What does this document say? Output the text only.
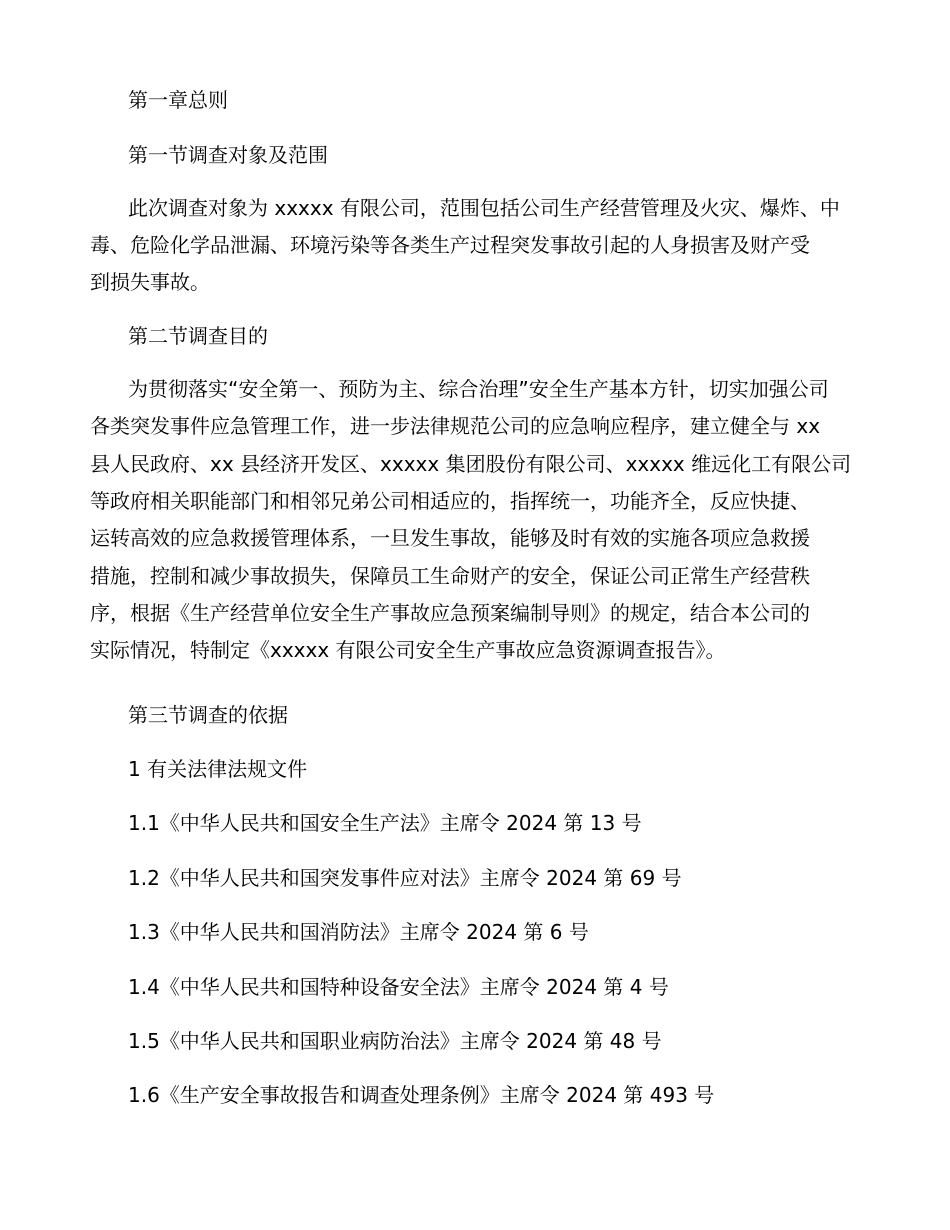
第一章总则
第一节调查对象及范围
此次调查对象为 xxxxx 有限公司，范围包括公司生产经营管理及火灾、爆炸、中
毒、危险化学品泄漏、环境污染等各类生产过程突发事故引起的人身损害及财产受
到损失事故。
第二节调查目的
为贯彻落实“安全第一、预防为主、综合治理”安全生产基本方针，切实加强公司
各类突发事件应急管理工作，进一步法律规范公司的应急响应程序，建立健全与 xx
县人民政府、xx 县经济开发区、xxxxx 集团股份有限公司、xxxxx 维远化工有限公司
等政府相关职能部门和相邻兄弟公司相适应的，指挥统一，功能齐全，反应快捷、
运转高效的应急救援管理体系，一旦发生事故，能够及时有效的实施各项应急救援
措施，控制和减少事故损失，保障员工生命财产的安全，保证公司正常生产经营秩
序，根据《生产经营单位安全生产事故应急预案编制导则》的规定，结合本公司的
实际情况，特制定《xxxxx 有限公司安全生产事故应急资源调查报告》。
第三节调查的依据
1 有关法律法规文件
1.1《中华人民共和国安全生产法》主席令 2024 第 13 号
1.2《中华人民共和国突发事件应对法》主席令 2024 第 69 号
1.3《中华人民共和国消防法》主席令 2024 第 6 号
1.4《中华人民共和国特种设备安全法》主席令 2024 第 4 号
1.5《中华人民共和国职业病防治法》主席令 2024 第 48 号
1.6《生产安全事故报告和调查处理条例》主席令 2024 第 493 号
